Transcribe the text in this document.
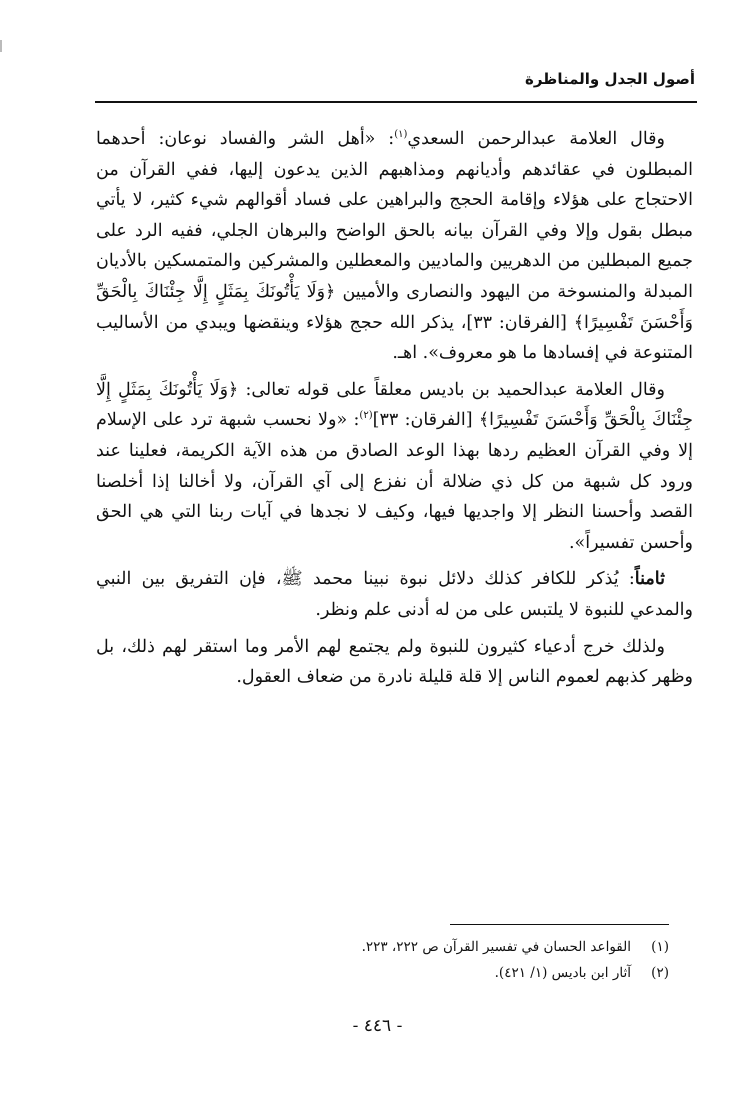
أصول الجدل والمناظرة

وقال العلامة عبدالرحمن السعدي$^{(١)}$: «أهل الشر والفساد نوعان: أحدهما المبطلون في عقائدهم وأديانهم ومذاهبهم الذين يدعون إليها، ففي القرآن من الاحتجاج على هؤلاء وإقامة الحجج والبراهين على فساد أقوالهم شيء كثير، لا يأتي مبطل بقول وإلا وفي القرآن بيانه بالحق الواضح والبرهان الجلي، ففيه الرد على جميع المبطلين من الدهريين والماديين والمعطلين والمشركين والمتمسكين بالأديان المبدلة والمنسوخة من اليهود والنصارى والأميين ﴿وَلَا يَأْتُونَكَ بِمَثَلٍ إِلَّا جِئْنَاكَ بِالْحَقِّ وَأَحْسَنَ تَفْسِيرًا﴾ [الفرقان: ٣٣]، يذكر الله حجج هؤلاء وينقضها ويبدي من الأساليب المتنوعة في إفسادها ما هو معروف». اهـ.

وقال العلامة عبدالحميد بن باديس معلقاً على قوله تعالى: ﴿وَلَا يَأْتُونَكَ بِمَثَلٍ إِلَّا جِئْنَاكَ بِالْحَقِّ وَأَحْسَنَ تَفْسِيرًا﴾ [الفرقان: ٣٣]$^{(٢)}$: «ولا نحسب شبهة ترد على الإسلام إلا وفي القرآن العظيم ردها بهذا الوعد الصادق من هذه الآية الكريمة، فعلينا عند ورود كل شبهة من كل ذي ضلالة أن نفزع إلى آي القرآن، ولا أخالنا إذا أخلصنا القصد وأحسنا النظر إلا واجديها فيها، وكيف لا نجدها في آيات ربنا التي هي الحق وأحسن تفسيراً».

ثامناً: يُذكر للكافر كذلك دلائل نبوة نبينا محمد ﷺ، فإن التفريق بين النبي والمدعي للنبوة لا يلتبس على من له أدنى علم ونظر.

ولذلك خرج أدعياء كثيرون للنبوة ولم يجتمع لهم الأمر وما استقر لهم ذلك، بل وظهر كذبهم لعموم الناس إلا قلة قليلة نادرة من ضعاف العقول.

(١)
القواعد الحسان في تفسير القرآن ص ٢٢٢، ٢٢٣.
(٢)
آثار ابن باديس (١/ ٤٢١).
- ٤٤٦ -
